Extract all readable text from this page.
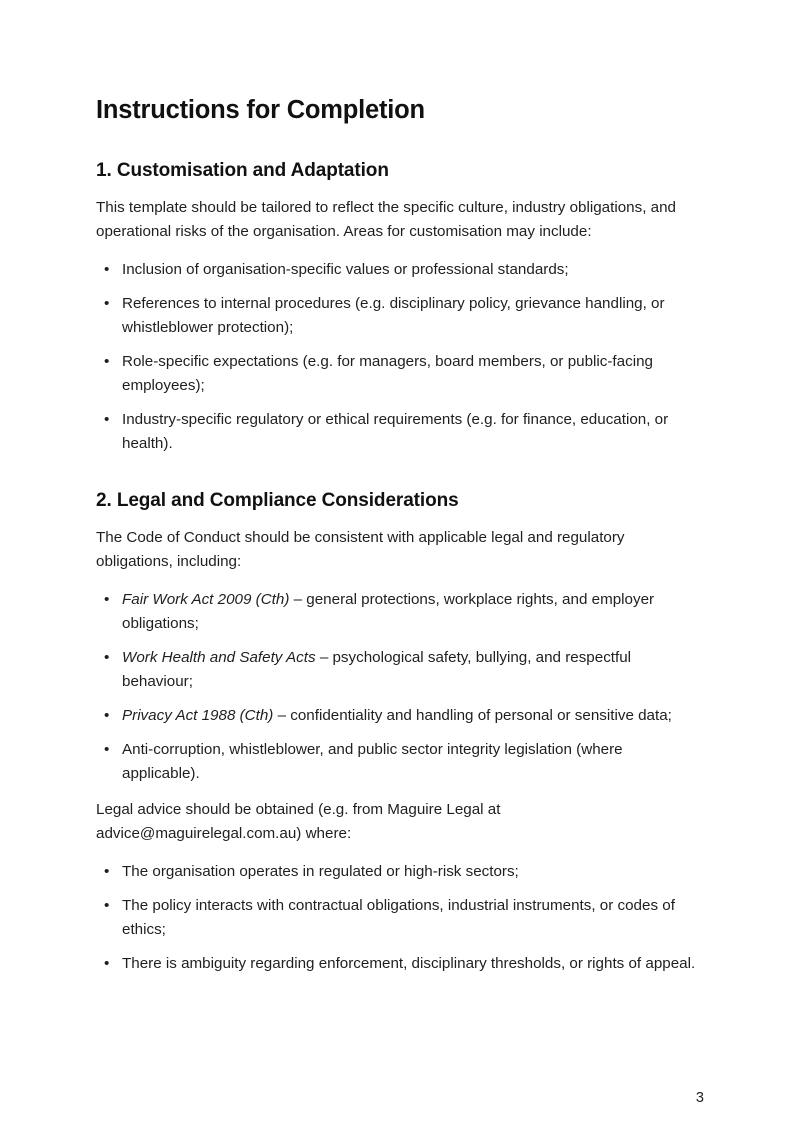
Instructions for Completion
1. Customisation and Adaptation

This template should be tailored to reflect the specific culture, industry obligations, and operational risks of the organisation. Areas for customisation may include:

• Inclusion of organisation-specific values or professional standards;
• References to internal procedures (e.g. disciplinary policy, grievance handling, or whistleblower protection);
• Role-specific expectations (e.g. for managers, board members, or public-facing employees);
• Industry-specific regulatory or ethical requirements (e.g. for finance, education, or health).
2. Legal and Compliance Considerations

The Code of Conduct should be consistent with applicable legal and regulatory obligations, including:

• Fair Work Act 2009 (Cth) – general protections, workplace rights, and employer obligations;
• Work Health and Safety Acts – psychological safety, bullying, and respectful behaviour;
• Privacy Act 1988 (Cth) – confidentiality and handling of personal or sensitive data;
• Anti-corruption, whistleblower, and public sector integrity legislation (where applicable).

Legal advice should be obtained (e.g. from Maguire Legal at advice@maguirelegal.com.au) where:

• The organisation operates in regulated or high-risk sectors;
• The policy interacts with contractual obligations, industrial instruments, or codes of ethics;
• There is ambiguity regarding enforcement, disciplinary thresholds, or rights of appeal.
3
